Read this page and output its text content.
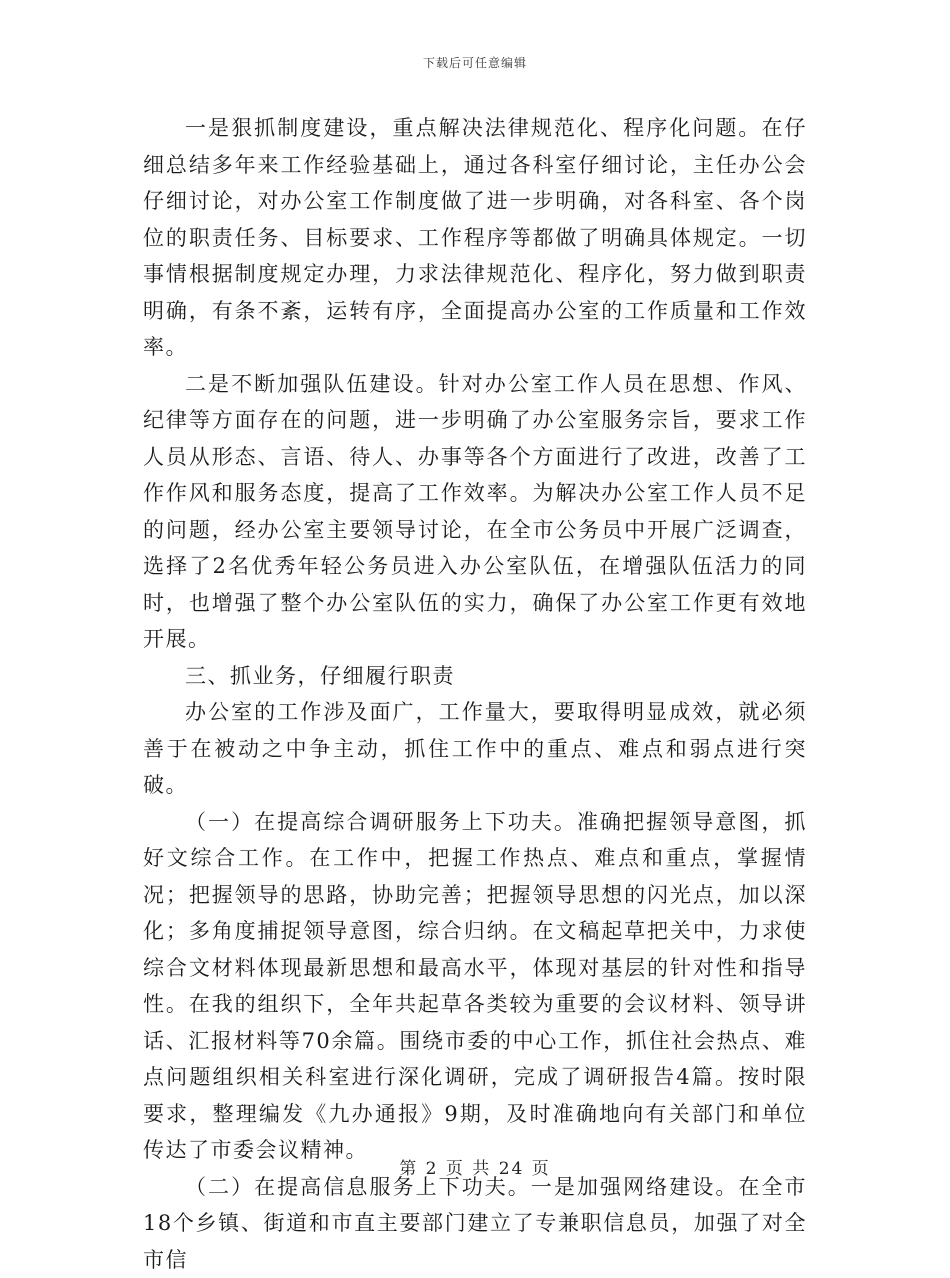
下载后可任意编辑

一是狠抓制度建设，重点解决法律规范化、程序化问题。在仔细总结多年来工作经验基础上，通过各科室仔细讨论，主任办公会仔细讨论，对办公室工作制度做了进一步明确，对各科室、各个岗位的职责任务、目标要求、工作程序等都做了明确具体规定。一切事情根据制度规定办理，力求法律规范化、程序化，努力做到职责明确，有条不紊，运转有序，全面提高办公室的工作质量和工作效率。

二是不断加强队伍建设。针对办公室工作人员在思想、作风、纪律等方面存在的问题，进一步明确了办公室服务宗旨，要求工作人员从形态、言语、待人、办事等各个方面进行了改进，改善了工作作风和服务态度，提高了工作效率。为解决办公室工作人员不足的问题，经办公室主要领导讨论，在全市公务员中开展广泛调查，选择了2名优秀年轻公务员进入办公室队伍，在增强队伍活力的同时，也增强了整个办公室队伍的实力，确保了办公室工作更有效地开展。

三、抓业务，仔细履行职责

办公室的工作涉及面广，工作量大，要取得明显成效，就必须善于在被动之中争主动，抓住工作中的重点、难点和弱点进行突破。

（一）在提高综合调研服务上下功夫。准确把握领导意图，抓好文综合工作。在工作中，把握工作热点、难点和重点，掌握情况；把握领导的思路，协助完善；把握领导思想的闪光点，加以深化；多角度捕捉领导意图，综合归纳。在文稿起草把关中，力求使综合文材料体现最新思想和最高水平，体现对基层的针对性和指导性。在我的组织下，全年共起草各类较为重要的会议材料、领导讲话、汇报材料等70余篇。围绕市委的中心工作，抓住社会热点、难点问题组织相关科室进行深化调研，完成了调研报告4篇。按时限要求，整理编发《九办通报》9期，及时准确地向有关部门和单位传达了市委会议精神。

（二）在提高信息服务上下功夫。一是加强网络建设。在全市18个乡镇、街道和市直主要部门建立了专兼职信息员，加强了对全市信

第 2 页 共 24 页
